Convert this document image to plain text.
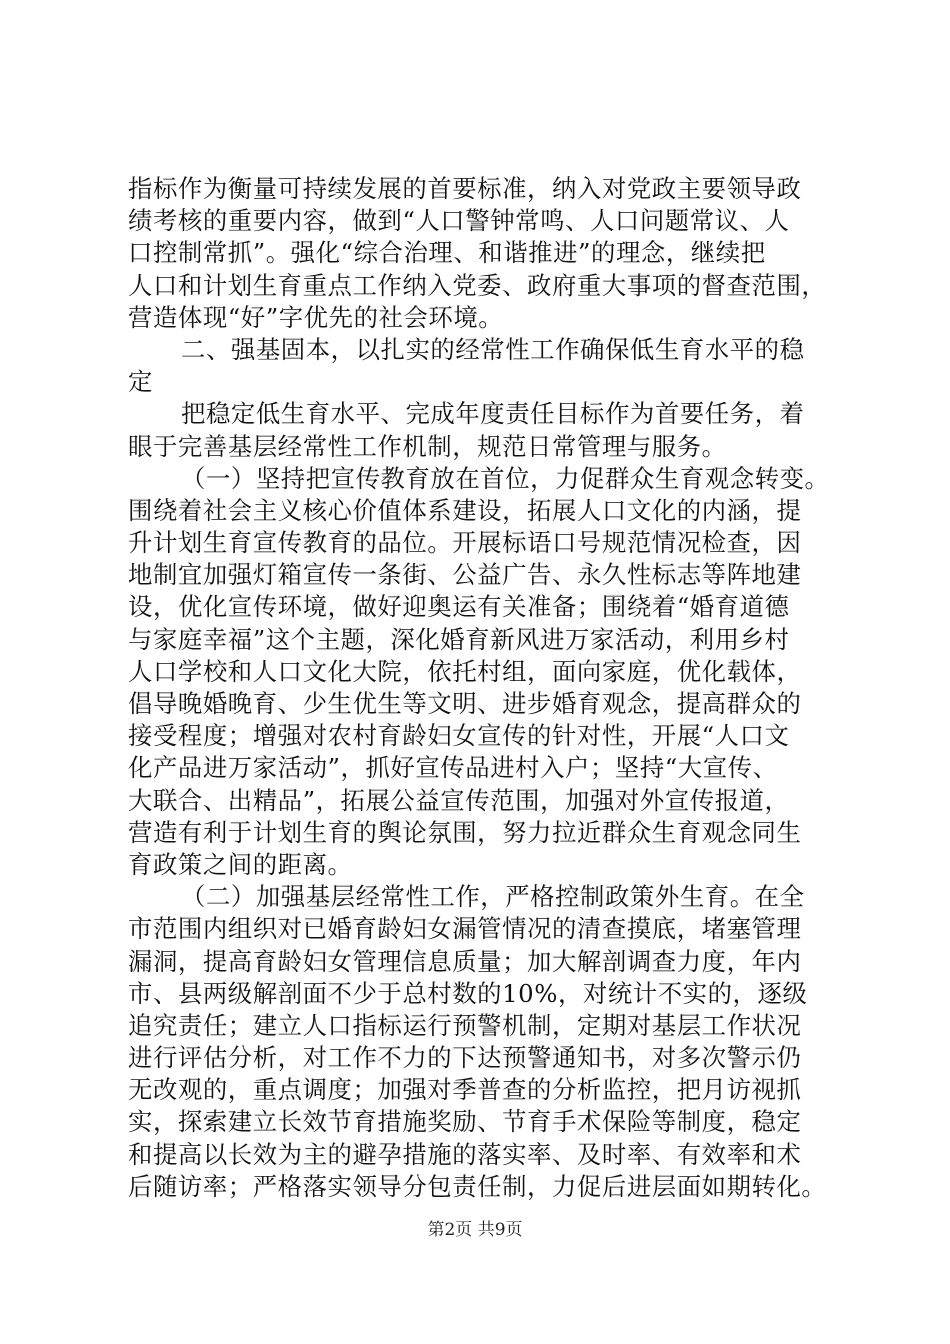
指标作为衡量可持续发展的首要标准，纳入对党政主要领导政
绩考核的重要内容，做到“人口警钟常鸣、人口问题常议、人
口控制常抓”。强化“综合治理、和谐推进”的理念，继续把
人口和计划生育重点工作纳入党委、政府重大事项的督查范围，
营造体现“好”字优先的社会环境。
二、强基固本，以扎实的经常性工作确保低生育水平的稳
定
把稳定低生育水平、完成年度责任目标作为首要任务，着
眼于完善基层经常性工作机制，规范日常管理与服务。
（一）坚持把宣传教育放在首位，力促群众生育观念转变。
围绕着社会主义核心价值体系建设，拓展人口文化的内涵，提
升计划生育宣传教育的品位。开展标语口号规范情况检查，因
地制宜加强灯箱宣传一条街、公益广告、永久性标志等阵地建
设，优化宣传环境，做好迎奥运有关准备；围绕着“婚育道德
与家庭幸福”这个主题，深化婚育新风进万家活动，利用乡村
人口学校和人口文化大院，依托村组，面向家庭，优化载体，
倡导晚婚晚育、少生优生等文明、进步婚育观念，提高群众的
接受程度；增强对农村育龄妇女宣传的针对性，开展“人口文
化产品进万家活动”，抓好宣传品进村入户；坚持“大宣传、
大联合、出精品”，拓展公益宣传范围，加强对外宣传报道，
营造有利于计划生育的舆论氛围，努力拉近群众生育观念同生
育政策之间的距离。
（二）加强基层经常性工作，严格控制政策外生育。在全
市范围内组织对已婚育龄妇女漏管情况的清查摸底，堵塞管理
漏洞，提高育龄妇女管理信息质量；加大解剖调查力度，年内
市、县两级解剖面不少于总村数的10%，对统计不实的，逐级
追究责任；建立人口指标运行预警机制，定期对基层工作状况
进行评估分析，对工作不力的下达预警通知书，对多次警示仍
无改观的，重点调度；加强对季普查的分析监控，把月访视抓
实，探索建立长效节育措施奖励、节育手术保险等制度，稳定
和提高以长效为主的避孕措施的落实率、及时率、有效率和术
后随访率；严格落实领导分包责任制，力促后进层面如期转化。
第2页 共9页
